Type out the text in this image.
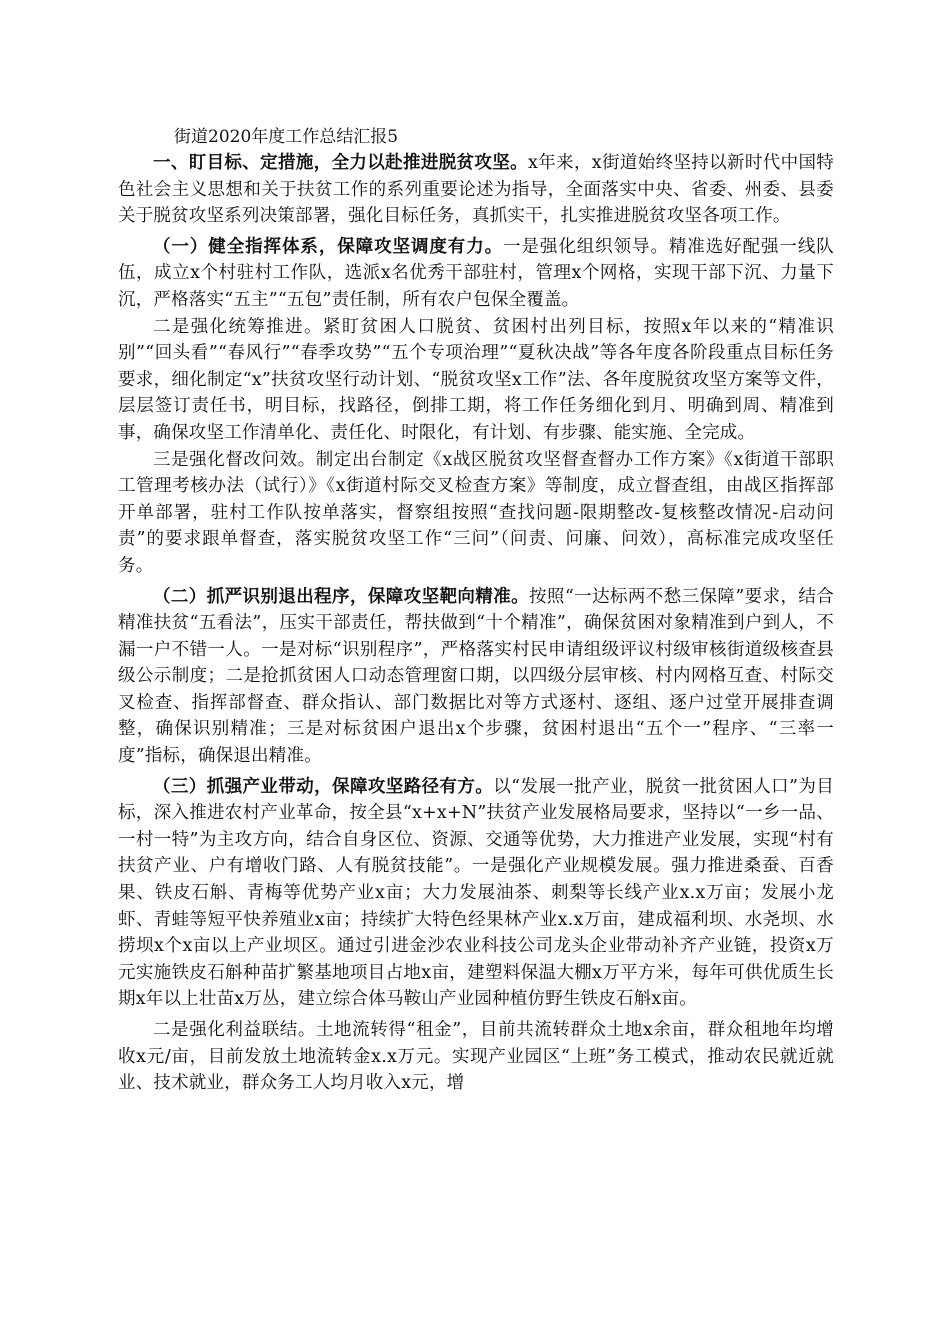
街道2020年度工作总结汇报5

一、盯目标、定措施，全力以赴推进脱贫攻坚。x年来，x街道始终坚持以新时代中国特色社会主义思想和关于扶贫工作的系列重要论述为指导，全面落实中央、省委、州委、县委关于脱贫攻坚系列决策部署，强化目标任务，真抓实干，扎实推进脱贫攻坚各项工作。

（一）健全指挥体系，保障攻坚调度有力。一是强化组织领导。精准选好配强一线队伍，成立x个村驻村工作队，选派x名优秀干部驻村，管理x个网格，实现干部下沉、力量下沉，严格落实“五主”“五包”责任制，所有农户包保全覆盖。

二是强化统筹推进。紧盯贫困人口脱贫、贫困村出列目标，按照x年以来的“精准识别”“回头看”“春风行”“春季攻势”“五个专项治理”“夏秋决战”等各年度各阶段重点目标任务要求，细化制定“x”扶贫攻坚行动计划、“脱贫攻坚x工作”法、各年度脱贫攻坚方案等文件，层层签订责任书，明目标，找路径，倒排工期，将工作任务细化到月、明确到周、精准到事，确保攻坚工作清单化、责任化、时限化，有计划、有步骤、能实施、全完成。

三是强化督改问效。制定出台制定《x战区脱贫攻坚督查督办工作方案》《x街道干部职工管理考核办法（试行）》《x街道村际交叉检查方案》等制度，成立督查组，由战区指挥部开单部署，驻村工作队按单落实，督察组按照“查找问题-限期整改-复核整改情况-启动问责”的要求跟单督查，落实脱贫攻坚工作“三问”（问责、问廉、问效），高标准完成攻坚任务。

（二）抓严识别退出程序，保障攻坚靶向精准。按照“一达标两不愁三保障”要求，结合精准扶贫“五看法”，压实干部责任，帮扶做到“十个精准”，确保贫困对象精准到户到人，不漏一户不错一人。一是对标“识别程序”，严格落实村民申请组级评议村级审核街道级核查县级公示制度；二是抢抓贫困人口动态管理窗口期，以四级分层审核、村内网格互查、村际交叉检查、指挥部督查、群众指认、部门数据比对等方式逐村、逐组、逐户过堂开展排查调整，确保识别精准；三是对标贫困户退出x个步骤，贫困村退出“五个一”程序、“三率一度”指标，确保退出精准。

（三）抓强产业带动，保障攻坚路径有方。以“发展一批产业，脱贫一批贫困人口”为目标，深入推进农村产业革命，按全县“x+x+N”扶贫产业发展格局要求，坚持以“一乡一品、一村一特”为主攻方向，结合自身区位、资源、交通等优势，大力推进产业发展，实现“村有扶贫产业、户有增收门路、人有脱贫技能”。一是强化产业规模发展。强力推进桑蚕、百香果、铁皮石斛、青梅等优势产业x亩；大力发展油茶、刺梨等长线产业x.x万亩；发展小龙虾、青蛙等短平快养殖业x亩；持续扩大特色经果林产业x.x万亩，建成福利坝、水尧坝、水捞坝x个x亩以上产业坝区。通过引进金沙农业科技公司龙头企业带动补齐产业链，投资x万元实施铁皮石斛种苗扩繁基地项目占地x亩，建塑料保温大棚x万平方米，每年可供优质生长期x年以上壮苗x万丛，建立综合体马鞍山产业园种植仿野生铁皮石斛x亩。

二是强化利益联结。土地流转得“租金”，目前共流转群众土地x余亩，群众租地年均增收x元/亩，目前发放土地流转金x.x万元。实现产业园区“上班”务工模式，推动农民就近就业、技术就业，群众务工人均月收入x元，增
